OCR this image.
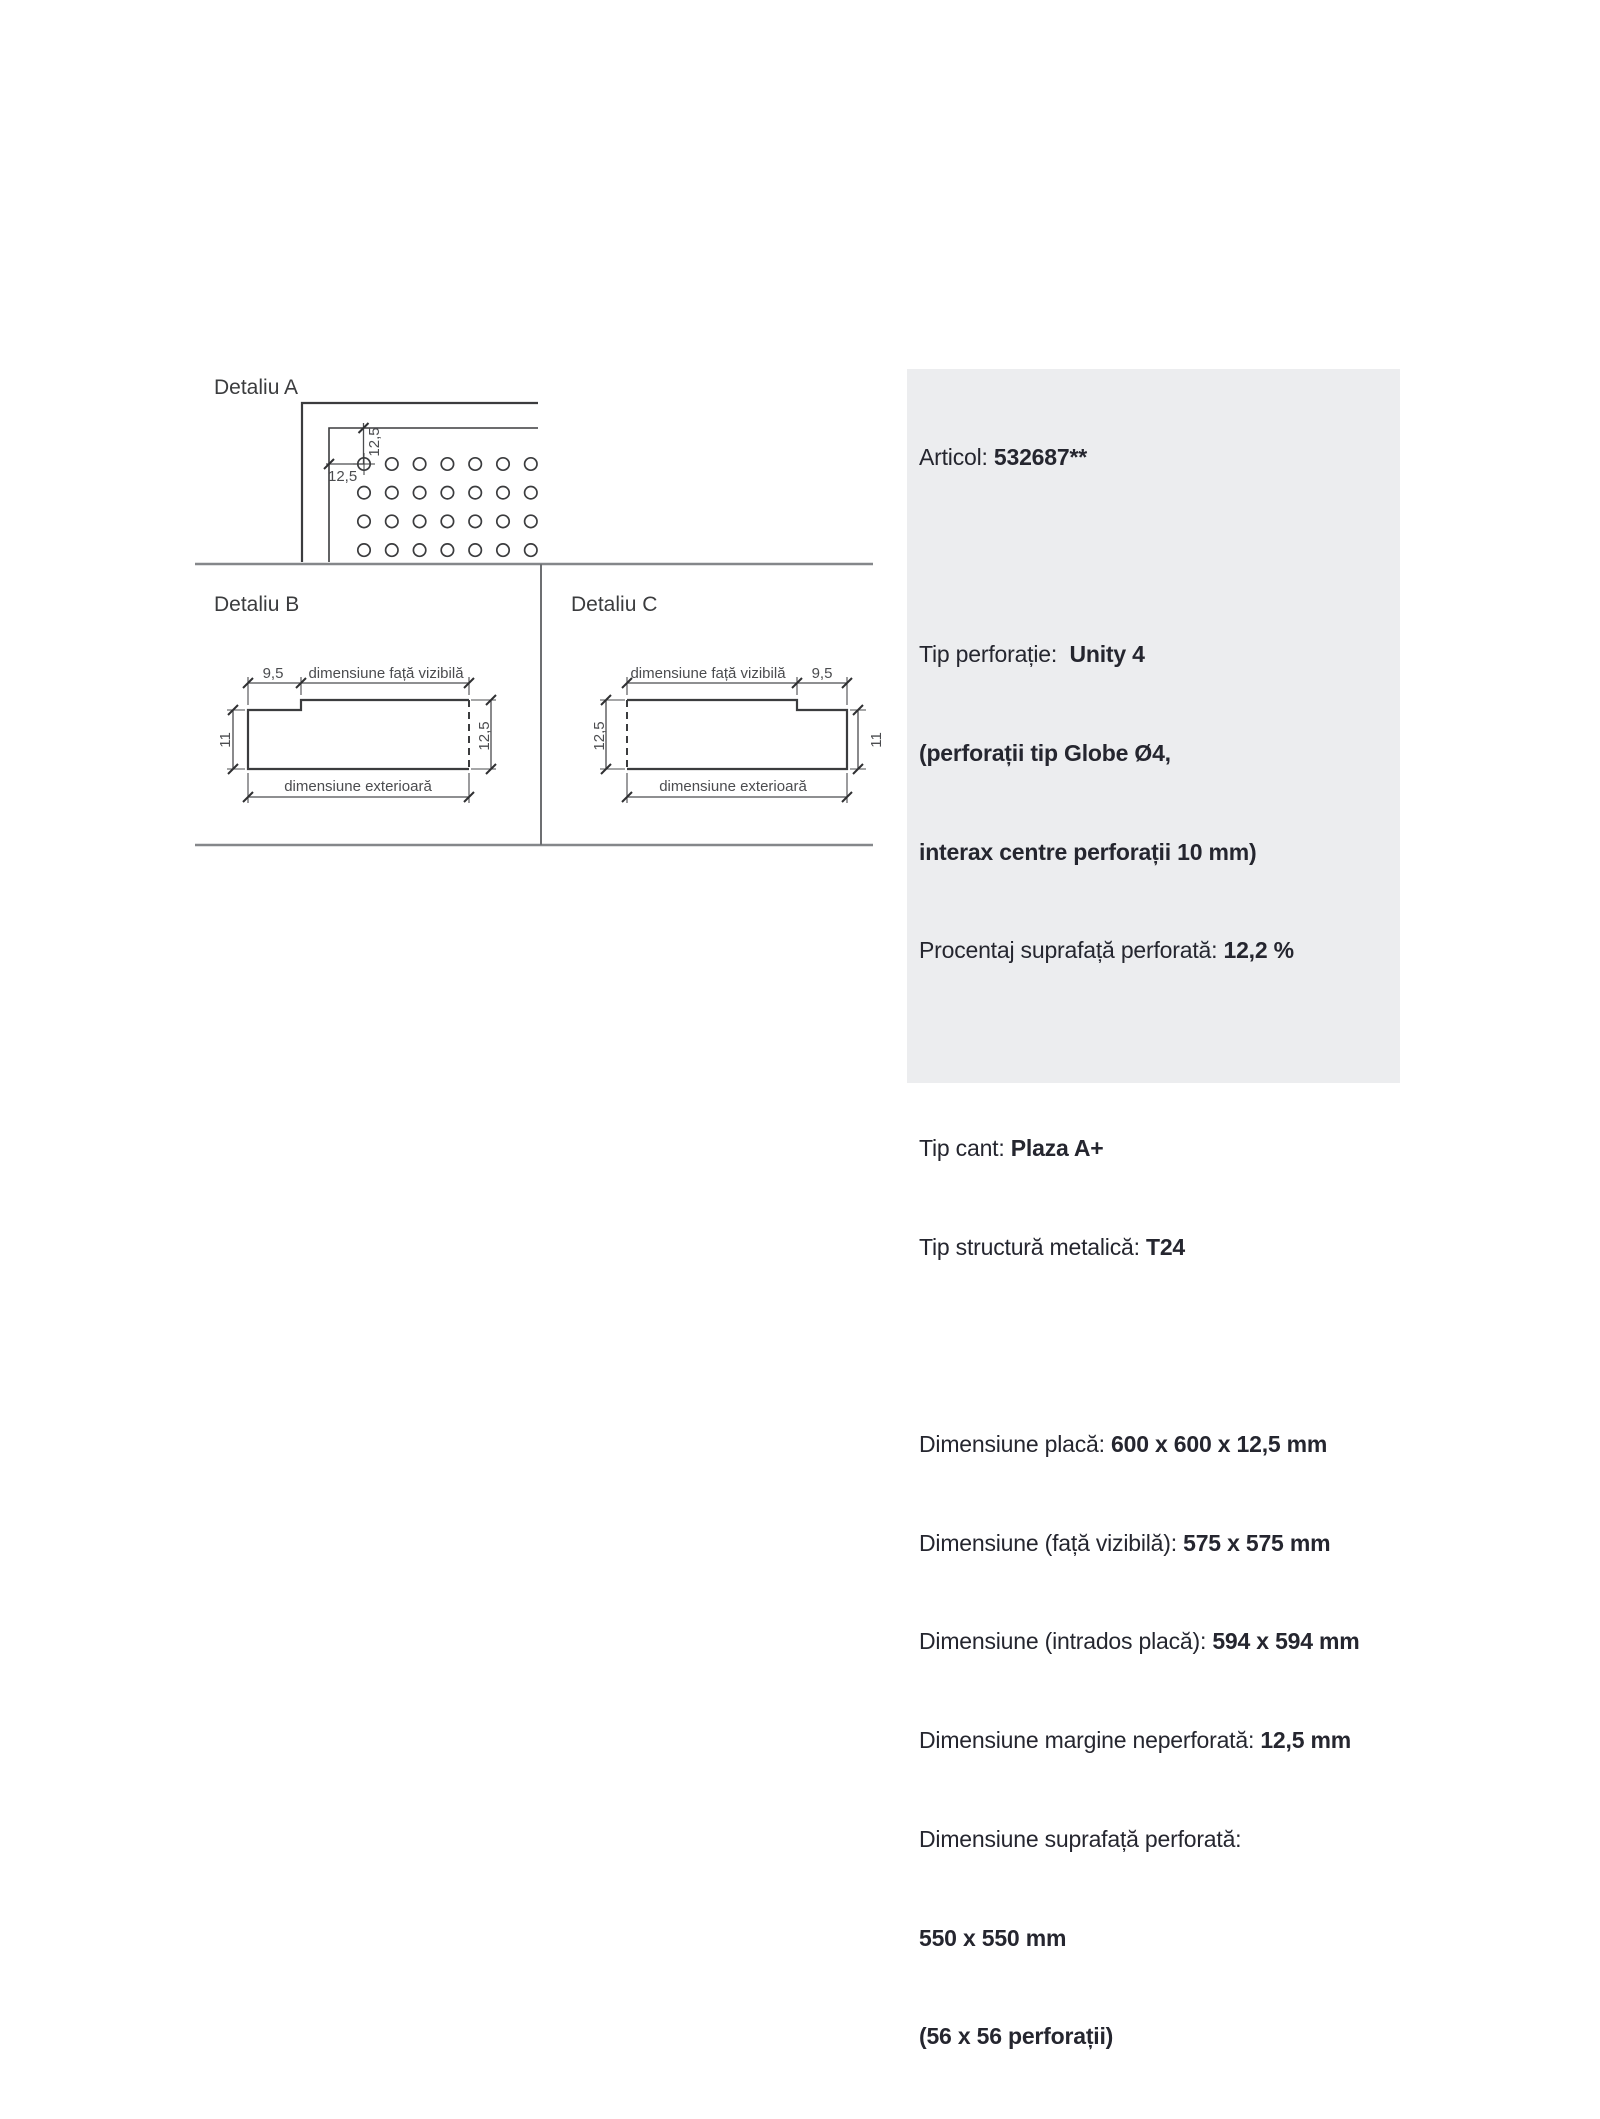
Detaliu A
12,5
12,5
Detaliu B
9,5 dimensiune față vizibilă
dimensiune exterioară
11	12,5
Detaliu C
9,5
dimensiune față vizibilă
dimensiune exterioară
12,5	11

Articol: 532687**

Tip perforație:  Unity 4

(perforații tip Globe Ø4,

interax centre perforații 10 mm)

Procentaj suprafață perforată: 12,2 %

Tip cant: Plaza A+

Tip structură metalică: T24

Dimensiune placă: 600 x 600 x 12,5 mm

Dimensiune (față vizibilă): 575 x 575 mm

Dimensiune (intrados placă): 594 x 594 mm

Dimensiune margine neperforată: 12,5 mm

Dimensiune suprafață perforată:

550 x 550 mm

(56 x 56 perforații)
